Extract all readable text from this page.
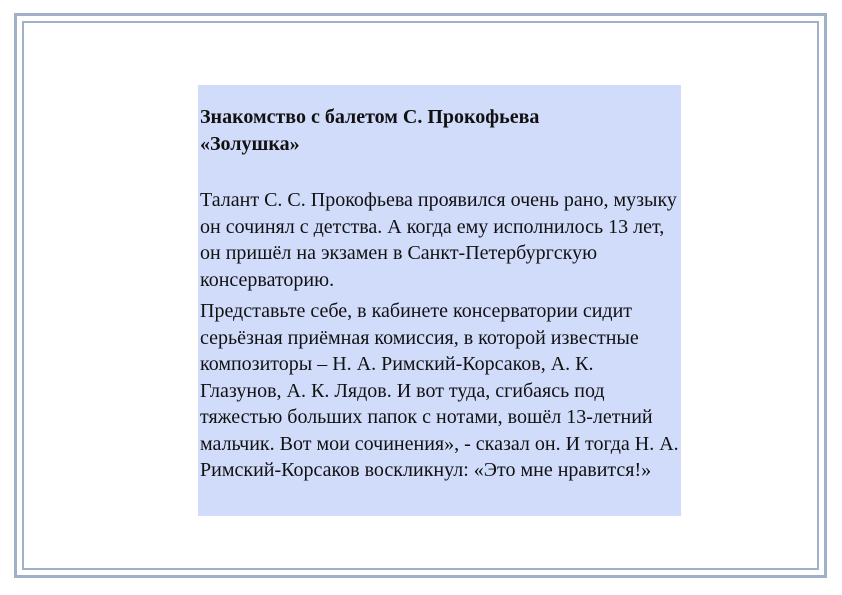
Знакомство с балетом С. Прокофьева
«Золушка»

Талант С. С. Прокофьева проявился очень рано, музыку он сочинял с детства. А когда ему исполнилось 13 лет, он пришёл на экзамен в Санкт-Петербургскую консерваторию.

Представьте себе, в кабинете консерватории сидит серьёзная приёмная комиссия, в которой известные композиторы – Н. А. Римский-Корсаков, А. К. Глазунов, А. К. Лядов. И вот туда, сгибаясь под тяжестью больших папок с нотами, вошёл 13-летний мальчик. Вот мои сочинения», - сказал он. И тогда Н. А. Римский-Корсаков воскликнул: «Это мне нравится!»
